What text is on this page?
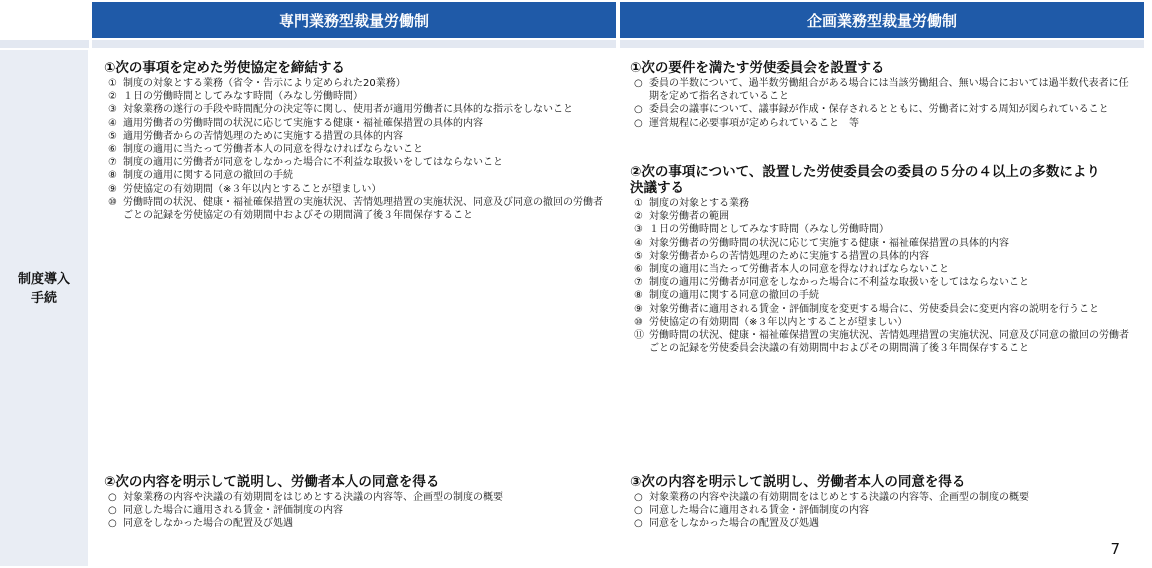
専門業務型裁量労働制	企画業務型裁量労働制
制度導入
手続
①次の事項を定めた労使協定を締結する
① 制度の対象とする業務（省令・告示により定められた20業務）
② １日の労働時間としてみなす時間（みなし労働時間）
③ 対象業務の遂行の手段や時間配分の決定等に関し、使用者が適用労働者に具体的な指示をしないこと
④ 適用労働者の労働時間の状況に応じて実施する健康・福祉確保措置の具体的内容
⑤ 適用労働者からの苦情処理のために実施する措置の具体的内容
⑥ 制度の適用に当たって労働者本人の同意を得なければならないこと
⑦ 制度の適用に労働者が同意をしなかった場合に不利益な取扱いをしてはならないこと
⑧ 制度の適用に関する同意の撤回の手続
⑨ 労使協定の有効期間（※３年以内とすることが望ましい）
⑩ 労働時間の状況、健康・福祉確保措置の実施状況、苦情処理措置の実施状況、同意及び同意の撤回の労働者ごとの記録を労使協定の有効期間中およびその期間満了後３年間保存すること
②次の内容を明示して説明し、労働者本人の同意を得る
○ 対象業務の内容や決議の有効期間をはじめとする決議の内容等、企画型の制度の概要
○ 同意した場合に適用される賃金・評価制度の内容
○ 同意をしなかった場合の配置及び処遇
①次の要件を満たす労使委員会を設置する
○ 委員の半数について、過半数労働組合がある場合には当該労働組合、無い場合においては過半数代表者に任期を定めて指名されていること
○ 委員会の議事について、議事録が作成・保存されるとともに、労働者に対する周知が図られていること
○ 運営規程に必要事項が定められていること　等
②次の事項について、設置した労使委員会の委員の５分の４以上の多数により決議する
① 制度の対象とする業務
② 対象労働者の範囲
③ １日の労働時間としてみなす時間（みなし労働時間）
④ 対象労働者の労働時間の状況に応じて実施する健康・福祉確保措置の具体的内容
⑤ 対象労働者からの苦情処理のために実施する措置の具体的内容
⑥ 制度の適用に当たって労働者本人の同意を得なければならないこと
⑦ 制度の適用に労働者が同意をしなかった場合に不利益な取扱いをしてはならないこと
⑧ 制度の適用に関する同意の撤回の手続
⑨ 対象労働者に適用される賃金・評価制度を変更する場合に、労使委員会に変更内容の説明を行うこと
⑩ 労使協定の有効期間（※３年以内とすることが望ましい）
⑪ 労働時間の状況、健康・福祉確保措置の実施状況、苦情処理措置の実施状況、同意及び同意の撤回の労働者ごとの記録を労使委員会決議の有効期間中およびその期間満了後３年間保存すること
③次の内容を明示して説明し、労働者本人の同意を得る
○ 対象業務の内容や決議の有効期間をはじめとする決議の内容等、企画型の制度の概要
○ 同意した場合に適用される賃金・評価制度の内容
○ 同意をしなかった場合の配置及び処遇
7
